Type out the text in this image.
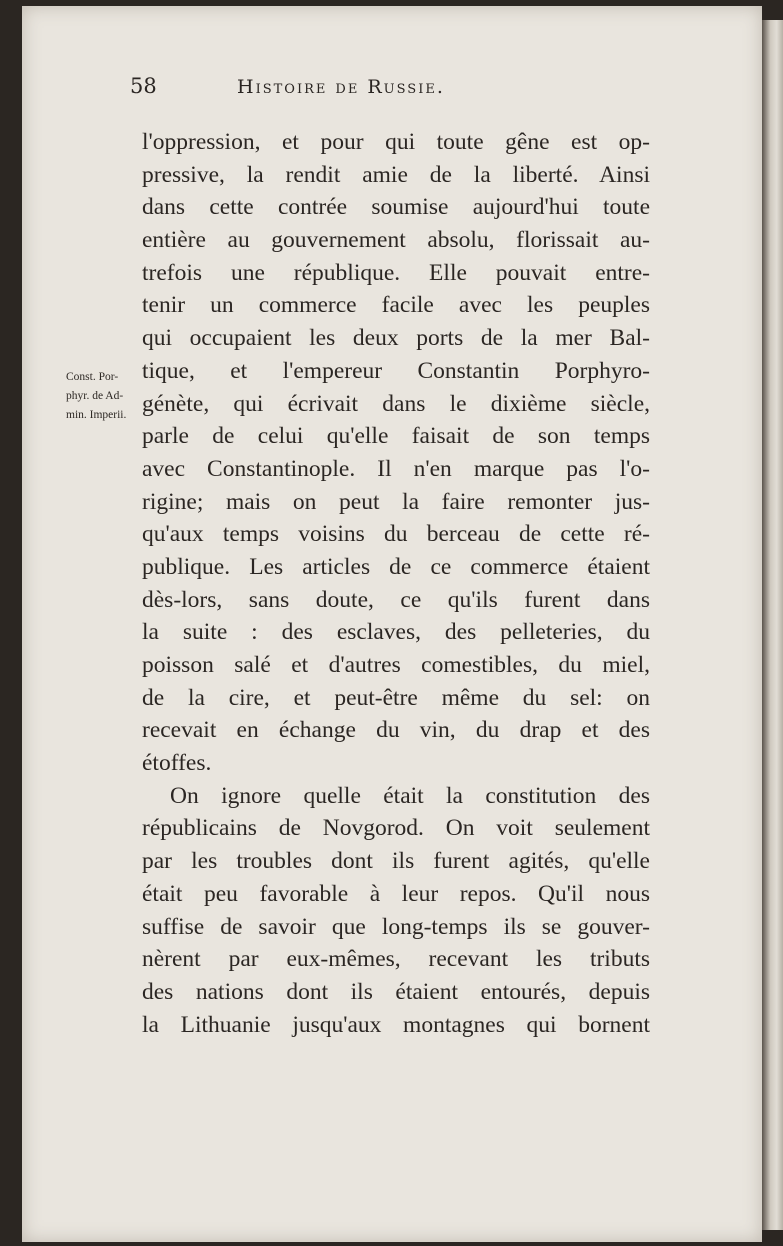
58	Histoire de Russie.
Const. Por-
phyr. de Ad-
min. Imperii.
l'oppression, et pour qui toute gêne est op-
pressive, la rendit amie de la liberté. Ainsi
dans cette contrée soumise aujourd'hui toute
entière au gouvernement absolu, florissait au-
trefois une république. Elle pouvait entre-
tenir un commerce facile avec les peuples
qui occupaient les deux ports de la mer Bal-
tique, et l'empereur Constantin Porphyro-
génète, qui écrivait dans le dixième siècle,
parle de celui qu'elle faisait de son temps
avec Constantinople. Il n'en marque pas l'o-
rigine; mais on peut la faire remonter jus-
qu'aux temps voisins du berceau de cette ré-
publique. Les articles de ce commerce étaient
dès-lors, sans doute, ce qu'ils furent dans
la suite : des esclaves, des pelleteries, du
poisson salé et d'autres comestibles, du miel,
de la cire, et peut-être même du sel: on
recevait en échange du vin, du drap et des
étoffes.
On ignore quelle était la constitution des
républicains de Novgorod. On voit seulement
par les troubles dont ils furent agités, qu'elle
était peu favorable à leur repos. Qu'il nous
suffise de savoir que long-temps ils se gouver-
nèrent par eux-mêmes, recevant les tributs
des nations dont ils étaient entourés, depuis
la Lithuanie jusqu'aux montagnes qui bornent
